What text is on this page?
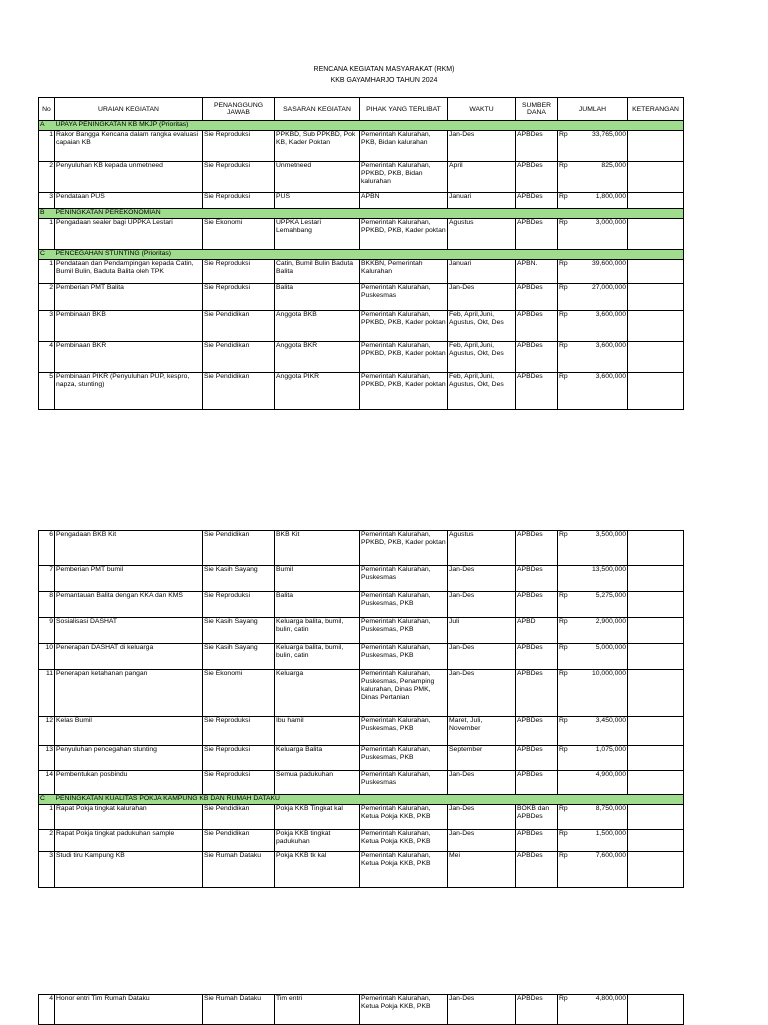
RENCANA KEGIATAN MASYARAKAT (RKM)
KKB GAYAMHARJO TAHUN 2024
No	URAIAN KEGIATAN	PENANGGUNG JAWAB	SASARAN KEGIATAN	PIHAK YANG TERLIBAT	WAKTU	SUMBER DANA	JUMLAH	KETERANGAN
A	UPAYA PENINGKATAN KB MKJP (Prioritas)							
1	Rakor Bangga Kencana dalam rangka evaluasi capaian KB	Sie Reproduksi	PPKBD, Sub PPKBD, Pok KB, Kader Poktan	Pemerintah Kalurahan, PKB, Bidan kalurahan	Jan-Des	APBDes	Rp 33,765,000	

2	Penyuluhan KB kepada unmetneed	Sie Reproduksi	Unmetneed	Pemerintah Kalurahan, PPKBD, PKB, Bidan kalurahan	April	APBDes	Rp 825,000	

3	Pendataan PUS	Sie Reproduksi	PUS	APBN	Januari	APBDes	Rp 1,800,000	

B	PENINGKATAN PEREKONOMIAN							
1	Pengadaan sealer bagi UPPKA Lestari	Sie Ekonomi	UPPKA Lestari Lemahbang	Pemerintah Kalurahan, PPKBD, PKB, Kader poktan	Agustus	APBDes	Rp 3,000,000	

C	PENCEGAHAN STUNTING (Prioritas)							
1	Pendataan dan Pendampingan kepada Catin, Bumil Bulin, Baduta Balita oleh TPK	Sie Reproduksi	Catin, Bumil Bulin Baduta Balita	BKKBN, Pemerintah Kalurahan	Januari	APBN.	Rp 39,600,000	

2	Pemberian PMT Balita	Sie Reproduksi	Balita	Pemerintah Kalurahan, Puskesmas	Jan-Des	APBDes	Rp 27,000,000	

3	Pembinaan BKB	Sie Pendidikan	Anggota BKB	Pemerintah Kalurahan, PPKBD, PKB, Kader poktan	Feb, April,Juni, Agustus, Okt, Des	APBDes	Rp 3,600,000	

4	Pembinaan BKR	Sie Pendidikan	Anggota BKR	Pemerintah Kalurahan, PPKBD, PKB, Kader poktan	Feb, April,Juni, Agustus, Okt, Des	APBDes	Rp 3,600,000	

5	Pembinaan PIKR (Penyuluhan PUP, kespro, napza, stunting)	Sie Pendidikan	Anggota PIKR	Pemerintah Kalurahan, PPKBD, PKB, Kader poktan	Feb, April,Juni, Agustus, Okt, Des	APBDes	Rp 3,600,000	

6	Pengadaan BKB Kit	Sie Pendidikan	BKB Kit	Pemerintah Kalurahan, PPKBD, PKB, Kader poktan	Agustus	APBDes	Rp 3,500,000	

7	Pemberian PMT bumil	Sie Kasih Sayang	Bumil	Pemerintah Kalurahan, Puskesmas	Jan-Des	APBDes	13,500,000	

8	Pemantauan Balita dengan KKA dan KMS	Sie Reproduksi	Balita	Pemerintah Kalurahan, Puskesmas, PKB	Jan-Des	APBDes	Rp 5,275,000	

9	Sosialisasi DASHAT	Sie Kasih Sayang	Keluarga balita, bumil, bulin, catin	Pemerintah Kalurahan, Puskesmas, PKB	Juli	APBD	Rp 2,900,000	

10	Penerapan DASHAT di keluarga	Sie Kasih Sayang	Keluarga balita, bumil, bulin, catin	Pemerintah Kalurahan, Puskesmas, PKB	Jan-Des	APBDes	Rp 5,000,000	

11	Penerapan ketahanan pangan	Sie Ekonomi	Keluarga	Pemerintah Kalurahan, Puskesmas, Penamping kalurahan, Dinas PMK, Dinas Pertanian	Jan-Des	APBDes	Rp 10,000,000	

12	Kelas Bumil	Sie Reproduksi	Ibu hamil	Pemerintah Kalurahan, Puskesmas, PKB	Maret, Juli, November	APBDes	Rp 3,450,000	

13	Penyuluhan pencegahan stunting	Sie Reproduksi	Keluarga Balita	Pemerintah Kalurahan, Puskesmas, PKB	September	APBDes	Rp 1,075,000	

14	Pembentukan posbindu	Sie Reproduksi	Semua padukuhan	Pemerintah Kalurahan, Puskesmas	Jan-Des	APBDes	4,900,000	

C	PENINGKATAN KUALITAS POKJA KAMPUNG KB DAN RUMAH DATAKU							
1	Rapat Pokja tingkat kalurahan	Sie Pendidikan	Pokja KKB Tingkat kal	Pemerintah Kalurahan, Ketua Pokja KKB, PKB	Jan-Des	BOKB dan APBDes	Rp 8,750,000	

2	Rapat Pokja tingkat padukuhan sample	Sie Pendidikan	Pokja KKB tingkat padukuhan	Pemerintah Kalurahan, Ketua Pokja KKB, PKB	Jan-Des	APBDes	Rp 1,500,000	

3	Studi tiru Kampung KB	Sie Rumah Dataku	Pokja KKB tk kal	Pemerintah Kalurahan, Ketua Pokja KKB, PKB	Mei	APBDes	Rp 7,600,000	

4	Honor entri Tim Rumah Dataku	Sie Rumah Dataku	Tim entri	Pemerintah Kalurahan, Ketua Pokja KKB, PKB	Jan-Des	APBDes	Rp	4,800,000
